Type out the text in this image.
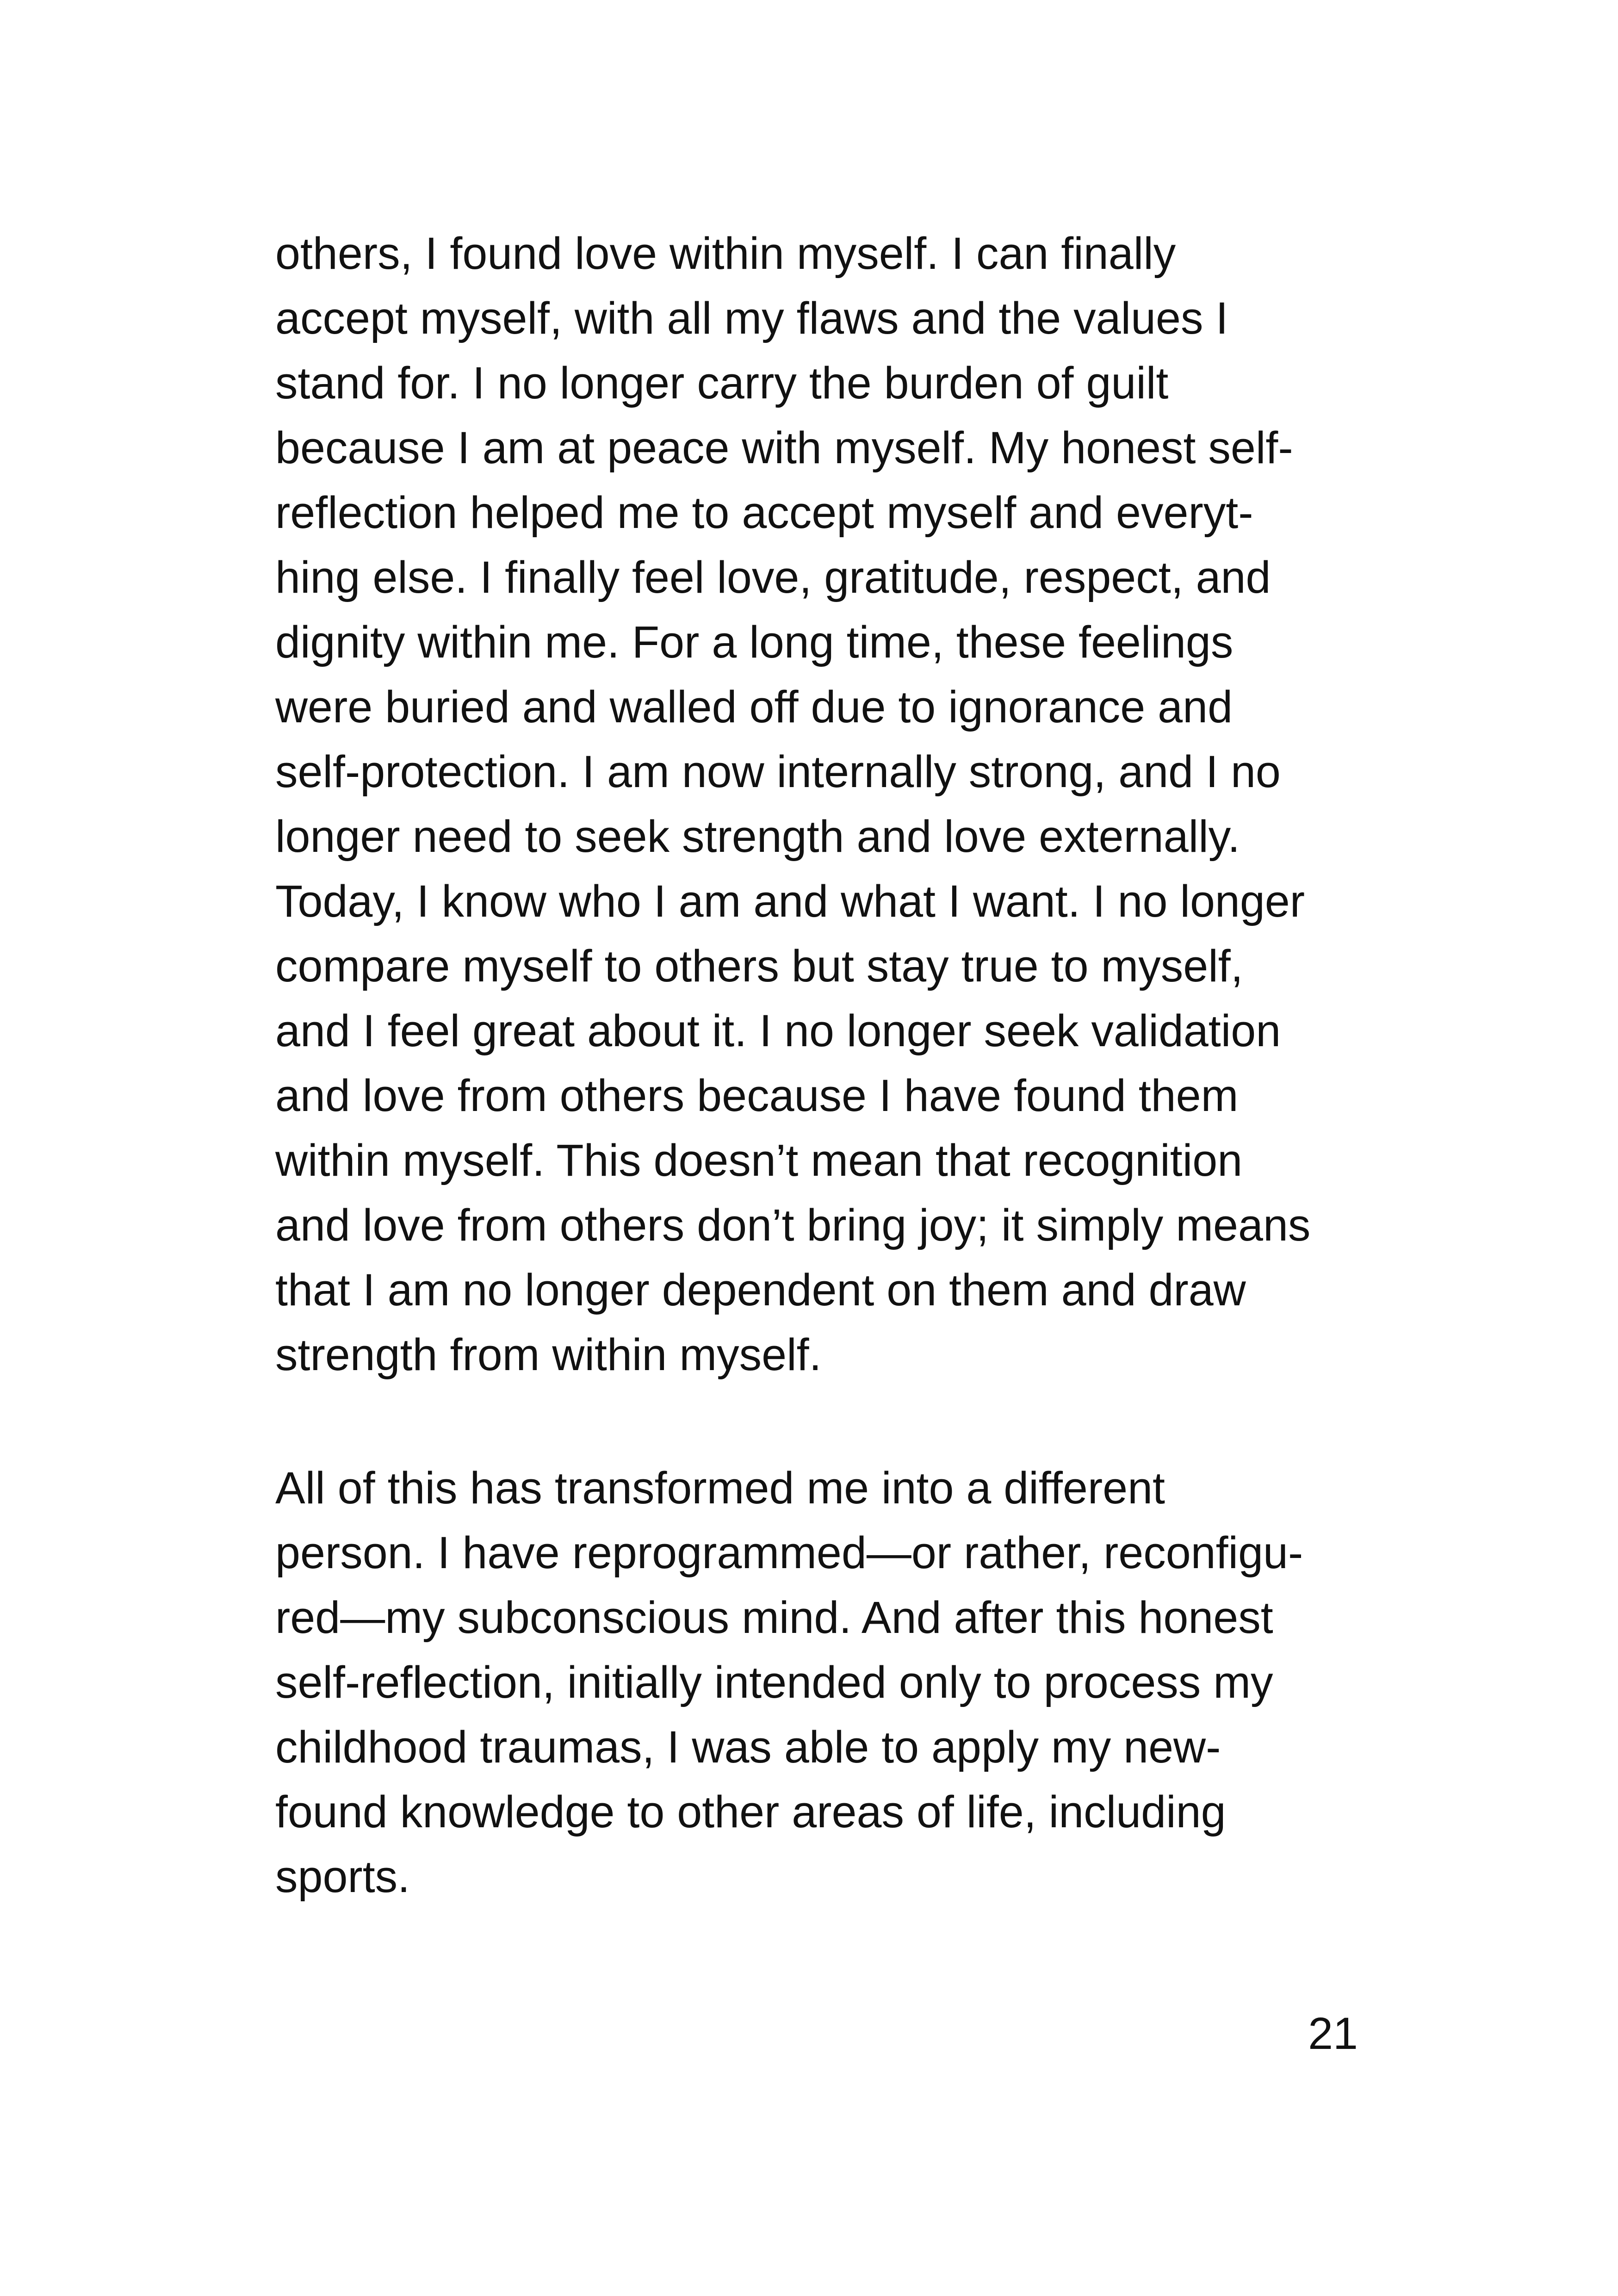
others, I found love within myself. I can finally
accept myself, with all my flaws and the values I
stand for. I no longer carry the burden of guilt
because I am at peace with myself. My honest self-
reflection helped me to accept myself and everyt-
hing else. I finally feel love, gratitude, respect, and
dignity within me. For a long time, these feelings
were buried and walled off due to ignorance and
self-protection. I am now internally strong, and I no
longer need to seek strength and love externally.
Today, I know who I am and what I want. I no longer
compare myself to others but stay true to myself,
and I feel great about it. I no longer seek validation
and love from others because I have found them
within myself. This doesn’t mean that recognition
and love from others don’t bring joy; it simply means
that I am no longer dependent on them and draw
strength from within myself.
All of this has transformed me into a different
person. I have reprogrammed—or rather, reconfigu-
red—my subconscious mind. And after this honest
self-reflection, initially intended only to process my
childhood traumas, I was able to apply my new-
found knowledge to other areas of life, including
sports.
21
